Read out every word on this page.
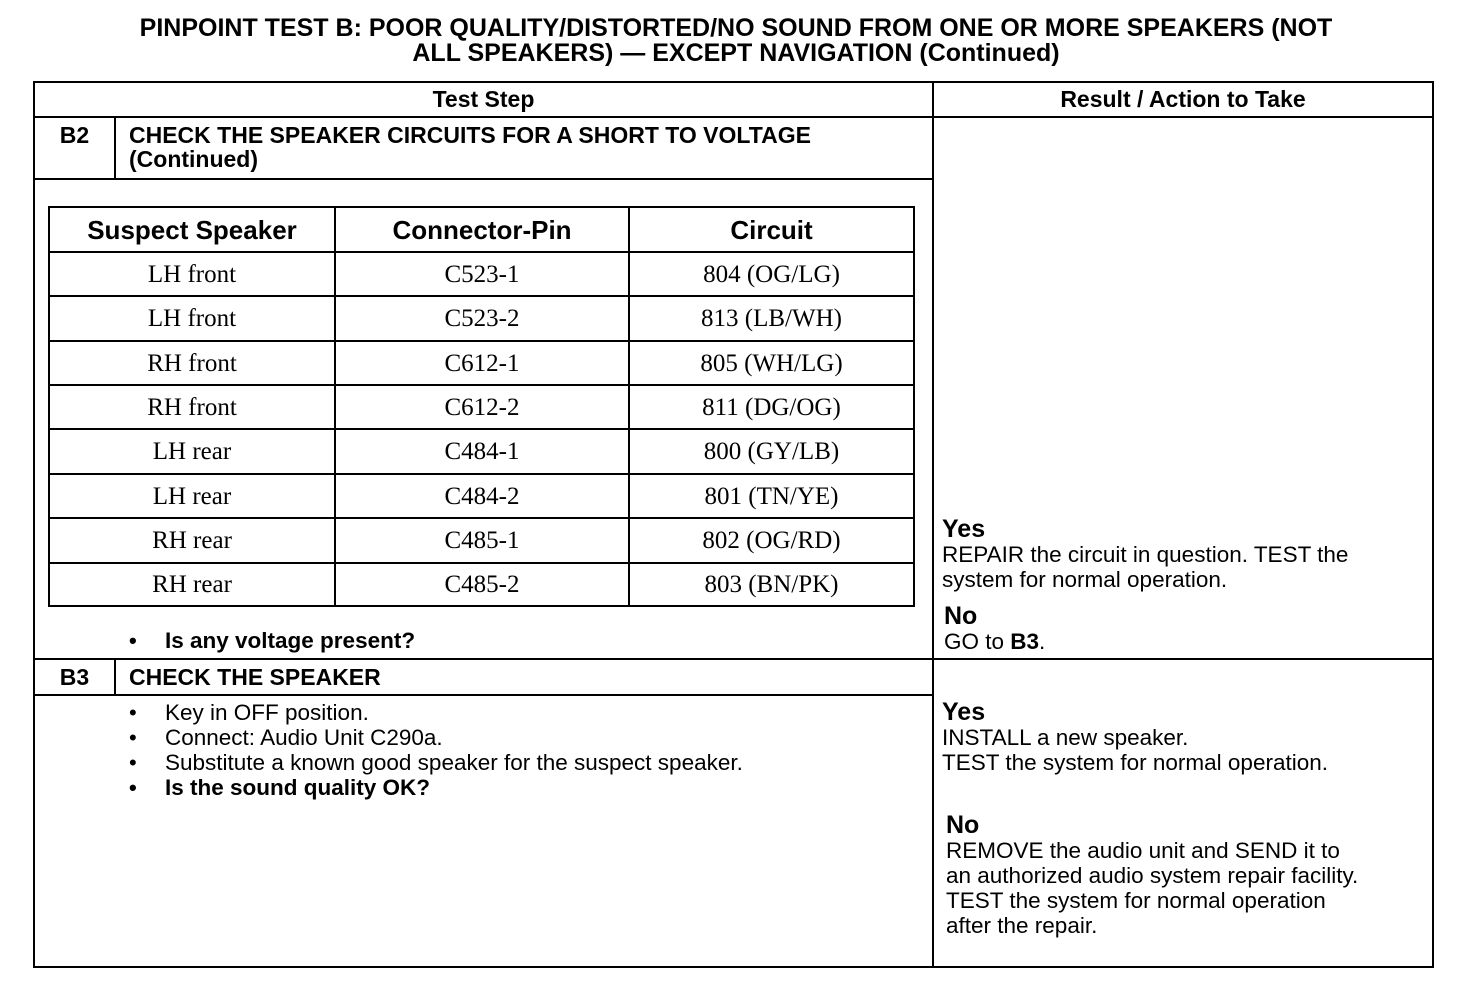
PINPOINT TEST B: POOR QUALITY/DISTORTED/NO SOUND FROM ONE OR MORE SPEAKERS (NOT
ALL SPEAKERS) — EXCEPT NAVIGATION (Continued)
Test Step	Result / Action to Take
B2	CHECK THE SPEAKER CIRCUITS FOR A SHORT TO VOLTAGE
(Continued)
Suspect Speaker	Connector-Pin	Circuit
LH front	C523-1	804 (OG/LG)
LH front	C523-2	813 (LB/WH)
RH front	C612-1	805 (WH/LG)
RH front	C612-2	811 (DG/OG)
LH rear	C484-1	800 (GY/LB)
LH rear	C484-2	801 (TN/YE)
RH rear	C485-1	802 (OG/RD)
RH rear	C485-2	803 (BN/PK)
• Is any voltage present?
Yes
REPAIR the circuit in question. TEST the
system for normal operation.
No
GO to B3.
B3	CHECK THE SPEAKER
• Key in OFF position.
• Connect: Audio Unit C290a.
• Substitute a known good speaker for the suspect speaker.
• Is the sound quality OK?
Yes
INSTALL a new speaker.
TEST the system for normal operation.
No
REMOVE the audio unit and SEND it to
an authorized audio system repair facility.
TEST the system for normal operation
after the repair.
